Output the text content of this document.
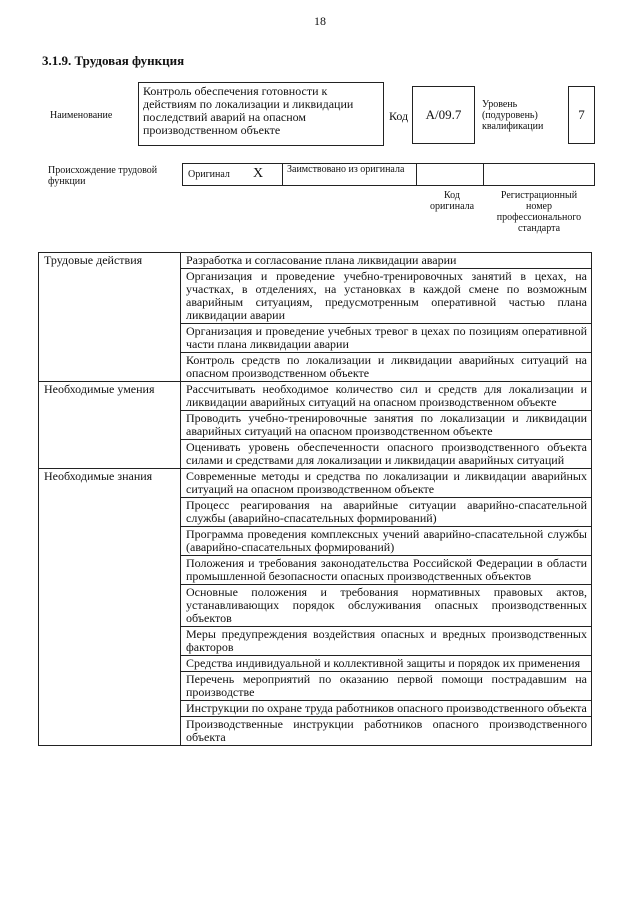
18
3.1.9. Трудовая функция
Наименование
Контроль обеспечения готовности к действиям по локализации и ликвидации последствий аварий на опасном производственном объекте
Код	А/09.7
Уровень (подуровень) квалификации
7
Происхождение трудовой функции
Оригинал X Заимствовано из оригинала
Код оригинала
Регистрационный номер профессионального стандарта
Трудовые действия	Разработка и согласование плана ликвидации аварии
	Организация и проведение учебно-тренировочных занятий в цехах, на участках, в отделениях, на установках в каждой смене по возможным аварийным ситуациям, предусмотренным оперативной частью плана ликвидации аварии
	Организация и проведение учебных тревог в цехах по позициям оперативной части плана ликвидации аварии
	Контроль средств по локализации и ликвидации аварийных ситуаций на опасном производственном объекте
Необходимые умения	Рассчитывать необходимое количество сил и средств для локализации и ликвидации аварийных ситуаций на опасном производственном объекте
	Проводить учебно-тренировочные занятия по локализации и ликвидации аварийных ситуаций на опасном производственном объекте
	Оценивать уровень обеспеченности опасного производственного объекта силами и средствами для локализации и ликвидации аварийных ситуаций
Необходимые знания	Современные методы и средства по локализации и ликвидации аварийных ситуаций на опасном производственном объекте
	Процесс реагирования на аварийные ситуации аварийно-спасательной службы (аварийно-спасательных формирований)
	Программа проведения комплексных учений аварийно-спасательной службы (аварийно-спасательных формирований)
	Положения и требования законодательства Российской Федерации в области промышленной безопасности опасных производственных объектов
	Основные положения и требования нормативных правовых актов, устанавливающих порядок обслуживания опасных производственных объектов
	Меры предупреждения воздействия опасных и вредных производственных факторов
	Средства индивидуальной и коллективной защиты и порядок их применения
	Перечень мероприятий по оказанию первой помощи пострадавшим на производстве
	Инструкции по охране труда работников опасного производственного объекта
	Производственные инструкции работников опасного производственного объекта
